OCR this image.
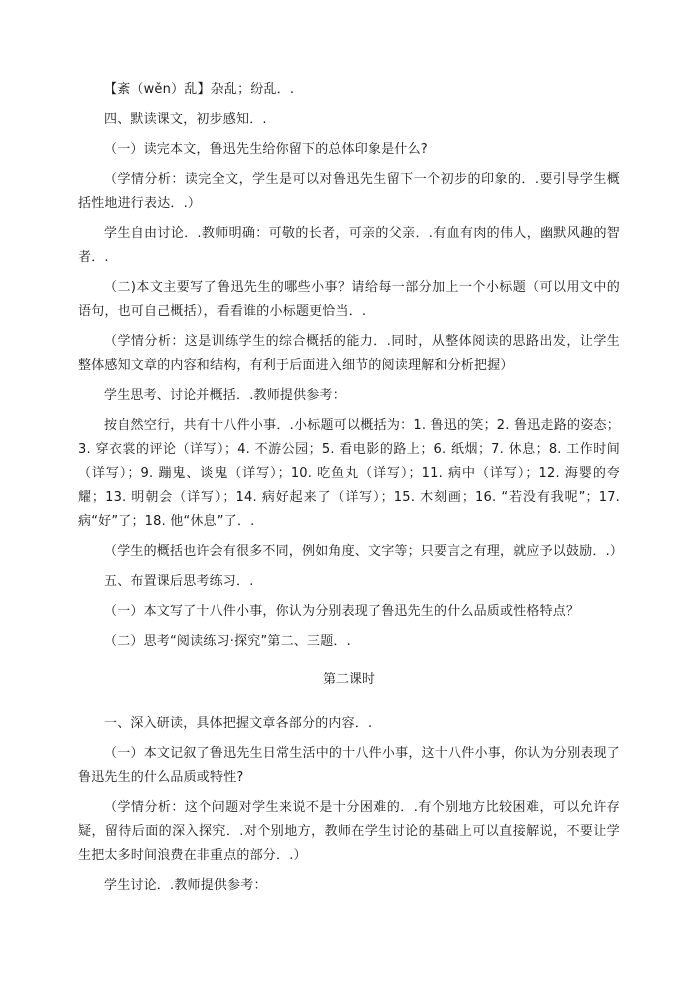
【紊（wěn）乱】杂乱；纷乱．.

四、默读课文，初步感知．.

（一）读完本文，鲁迅先生给你留下的总体印象是什么?

（学情分析：读完全文，学生是可以对鲁迅先生留下一个初步的印象的．.要引导学生概括性地进行表达．.）

学生自由讨论．.教师明确：可敬的长者，可亲的父亲．.有血有肉的伟人，幽默风趣的智者．.

（二)本文主要写了鲁迅先生的哪些小事？请给每一部分加上一个小标题（可以用文中的语句，也可自己概括），看看谁的小标题更恰当．.

（学情分析：这是训练学生的综合概括的能力．.同时，从整体阅读的思路出发，让学生整体感知文章的内容和结构，有利于后面进入细节的阅读理解和分析把握）

学生思考、讨论并概括．.教师提供参考：

按自然空行，共有十八件小事．.小标题可以概括为：1. 鲁迅的笑；2. 鲁迅走路的姿态；3. 穿衣裳的评论（详写）；4. 不游公园；5. 看电影的路上；6. 纸烟；7. 休息；8. 工作时间（详写）；9. 蹦鬼、谈鬼（详写）；10. 吃鱼丸（详写）；11. 病中（详写）；12. 海婴的夸耀；13. 明朝会（详写）；14. 病好起来了（详写）；15. 木刻画；16. “若没有我呢”；17. 病“好”了；18. 他“休息”了．.

（学生的概括也许会有很多不同，例如角度、文字等；只要言之有理，就应予以鼓励．.）

五、布置课后思考练习．.

（一）本文写了十八件小事，你认为分别表现了鲁迅先生的什么品质或性格特点？

（二）思考“阅读练习·探究”第二、三题．.

第二课时

一、深入研读，具体把握文章各部分的内容．.

（一）本文记叙了鲁迅先生日常生活中的十八件小事，这十八件小事，你认为分别表现了鲁迅先生的什么品质或特性?

（学情分析：这个问题对学生来说不是十分困难的．.有个别地方比较困难，可以允许存疑，留待后面的深入探究．.对个别地方，教师在学生讨论的基础上可以直接解说，不要让学生把太多时间浪费在非重点的部分．.）

学生讨论．.教师提供参考：
